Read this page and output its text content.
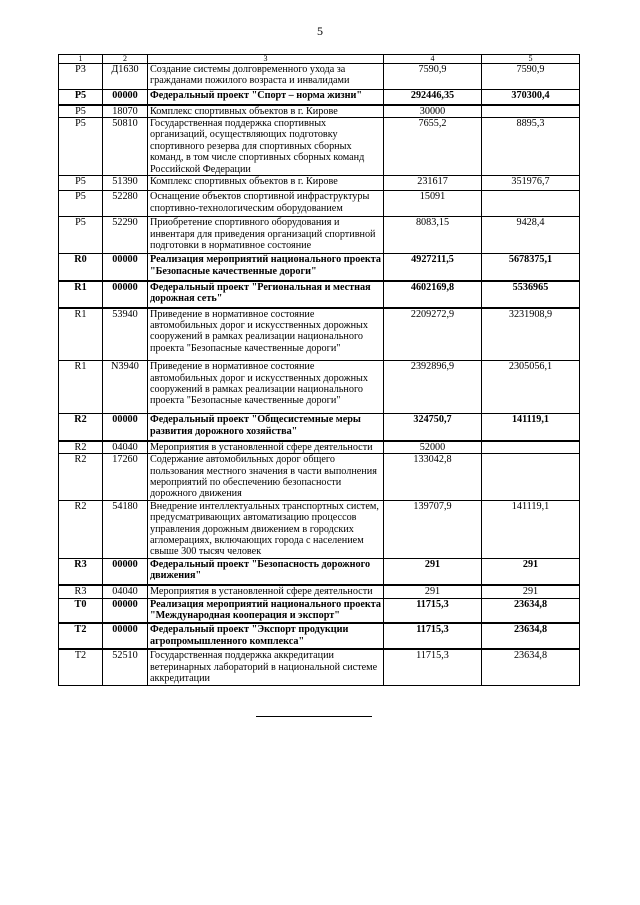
5
1	2	3	4	5
Р3	Д1630	Создание системы долговременного ухода за гражданами пожилого возраста и инвалидами	7590,9	7590,9
Р5	00000	Федеральный проект "Спорт – норма жизни"	292446,35	370300,4
Р5	18070	Комплекс спортивных объектов в г. Кирове	30000	
Р5	50810	Государственная поддержка спортивных организаций, осуществляющих подготовку спортивного резерва для спортивных сборных команд, в том числе спортивных сборных команд Российской Федерации	7655,2	8895,3
Р5	51390	Комплекс спортивных объектов в г. Кирове	231617	351976,7
Р5	52280	Оснащение объектов спортивной инфраструктуры спортивно-технологическим оборудованием	15091	
Р5	52290	Приобретение спортивного оборудования и инвентаря для приведения организаций спортивной подготовки в нормативное состояние	8083,15	9428,4
R0	00000	Реализация мероприятий национального проекта "Безопасные качественные дороги"	4927211,5	5678375,1
R1	00000	Федеральный проект "Региональная и местная дорожная сеть"	4602169,8	5536965
R1	53940	Приведение в нормативное состояние автомобильных дорог и искусственных дорожных сооружений в рамках реализации национального проекта "Безопасные качественные дороги"	2209272,9	3231908,9
R1	N3940	Приведение в нормативное состояние автомобильных дорог и искусственных дорожных сооружений в рамках реализации национального проекта "Безопасные качественные дороги"	2392896,9	2305056,1
R2	00000	Федеральный проект "Общесистемные меры развития дорожного хозяйства"	324750,7	141119,1
R2	04040	Мероприятия в установленной сфере деятельности	52000	
R2	17260	Содержание автомобильных дорог общего пользования местного значения в части выполнения мероприятий по обеспечению безопасности дорожного движения	133042,8	
R2	54180	Внедрение интеллектуальных транспортных систем, предусматривающих автоматизацию процессов управления дорожным движением в городских агломерациях, включающих города с населением свыше 300 тысяч человек	139707,9	141119,1
R3	00000	Федеральный проект "Безопасность дорожного движения"	291	291
R3	04040	Мероприятия в установленной сфере деятельности	291	291
Т0	00000	Реализация мероприятий национального проекта "Международная кооперация и экспорт"	11715,3	23634,8
Т2	00000	Федеральный проект "Экспорт продукции агропромышленного комплекса"	11715,3	23634,8
Т2	52510	Государственная поддержка аккредитации ветеринарных лабораторий в национальной системе аккредитации	11715,3	23634,8
